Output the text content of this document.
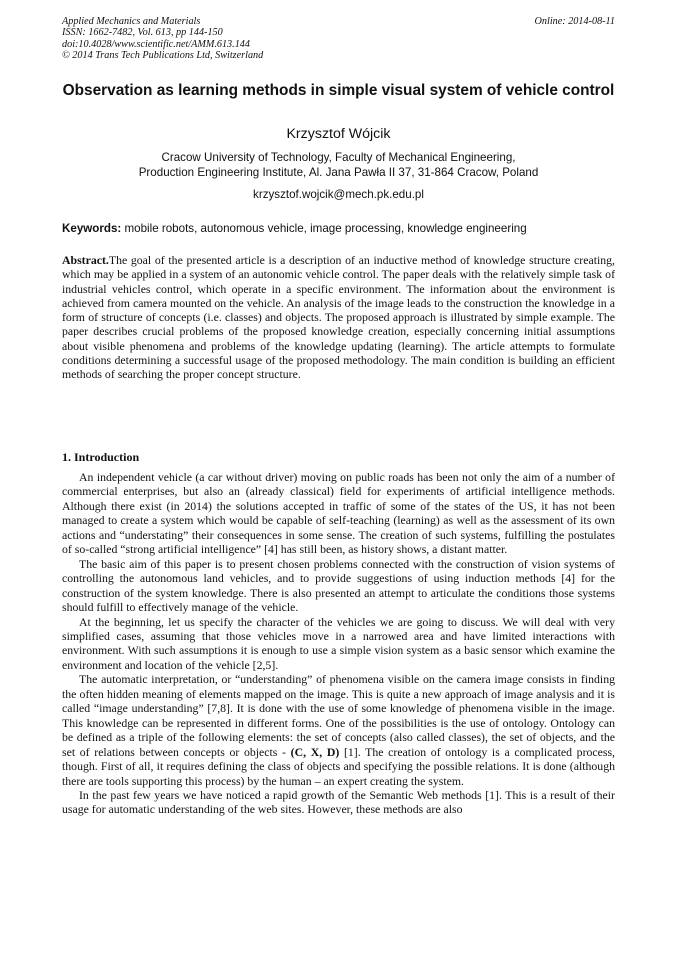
Applied Mechanics and Materials
ISSN: 1662-7482, Vol. 613, pp 144-150
doi:10.4028/www.scientific.net/AMM.613.144
© 2014 Trans Tech Publications Ltd, Switzerland
Online: 2014-08-11
Observation as learning methods in simple visual system of vehicle control
Krzysztof Wójcik
Cracow University of Technology, Faculty of Mechanical Engineering,
Production Engineering Institute, Al. Jana Pawła II 37, 31-864 Cracow, Poland
krzysztof.wojcik@mech.pk.edu.pl
Keywords: mobile robots, autonomous vehicle, image processing, knowledge engineering
Abstract.The goal of the presented article is a description of an inductive method of knowledge structure creating, which may be applied in a system of an autonomic vehicle control. The paper deals with the relatively simple task of industrial vehicles control, which operate in a specific environment. The information about the environment is achieved from camera mounted on the vehicle. An analysis of the image leads to the construction the knowledge in a form of structure of concepts (i.e. classes) and objects. The proposed approach is illustrated by simple example. The paper describes crucial problems of the proposed knowledge creation, especially concerning initial assumptions about visible phenomena and problems of the knowledge updating (learning). The article attempts to formulate conditions determining a successful usage of the proposed methodology. The main condition is building an efficient methods of searching the proper concept structure.
1. Introduction

An independent vehicle (a car without driver) moving on public roads has been not only the aim of a number of commercial enterprises, but also an (already classical) field for experiments of artificial intelligence methods. Although there exist (in 2014) the solutions accepted in traffic of some of the states of the US, it has not been managed to create a system which would be capable of self-teaching (learning) as well as the assessment of its own actions and “understating” their consequences in some sense. The creation of such systems, fulfilling the postulates of so-called “strong artificial intelligence” [4] has still been, as history shows, a distant matter.

The basic aim of this paper is to present chosen problems connected with the construction of vision systems of controlling the autonomous land vehicles, and to provide suggestions of using induction methods [4] for the construction of the system knowledge. There is also presented an attempt to articulate the conditions those systems should fulfill to effectively manage of the vehicle.

At the beginning, let us specify the character of the vehicles we are going to discuss. We will deal with very simplified cases, assuming that those vehicles move in a narrowed area and have limited interactions with environment. With such assumptions it is enough to use a simple vision system as a basic sensor which examine the environment and location of the vehicle [2,5].

The automatic interpretation, or “understanding” of phenomena visible on the camera image consists in finding the often hidden meaning of elements mapped on the image. This is quite a new approach of image analysis and it is called “image understanding” [7,8]. It is done with the use of some knowledge of phenomena visible in the image. This knowledge can be represented in different forms. One of the possibilities is the use of ontology. Ontology can be defined as a triple of the following elements: the set of concepts (also called classes), the set of objects, and the set of relations between concepts or objects - (C, X, D) [1]. The creation of ontology is a complicated process, though. First of all, it requires defining the class of objects and specifying the possible relations. It is done (although there are tools supporting this process) by the human – an expert creating the system.

In the past few years we have noticed a rapid growth of the Semantic Web methods [1]. This is a result of their usage for automatic understanding of the web sites. However, these methods are also
